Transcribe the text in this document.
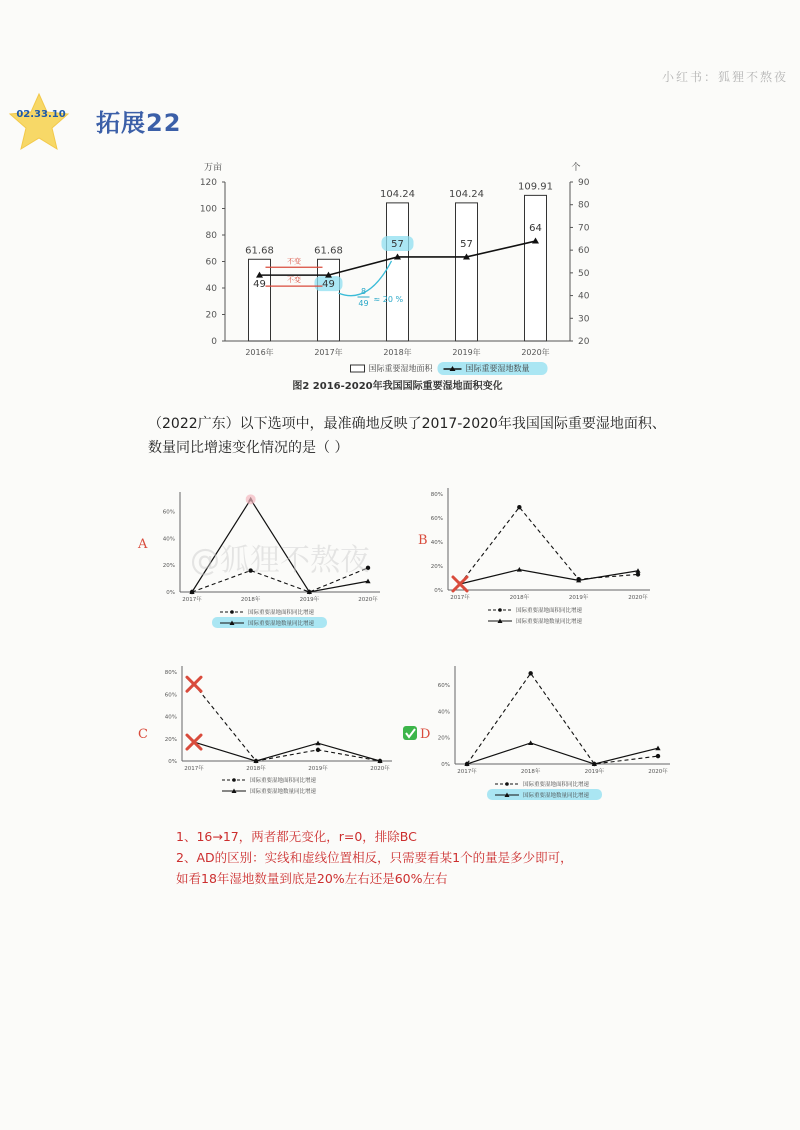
小红书：狐狸不熬夜
02.33.10 拓展22
万亩	个
0
20
40
60
80
100
120
20
30
40
50
60
70
80
90
61.68	61.68
104.24	104.24
109.91
2016年	2017年	2018年	2019年	2020年
49	49
57	57
64
不变
不变
8
49 ≈ 20 %
国际重要湿地面积	国际重要湿地数量
图2 2016-2020年我国国际重要湿地面积变化
（2022广东）以下选项中，最准确地反映了2017-2020年我国国际重要湿地面积、数量同比增速变化情况的是（ ）
A
0%
20%
40%
60%
2017年	2018年	2019年	2020年
国际重要湿地面积同比增速
国际重要湿地数量同比增速
@狐狸不熬夜
B
0%
20%
40%
60%
80%
2017年	2018年	2019年	2020年
国际重要湿地面积同比增速
国际重要湿地数量同比增速
C
0%
20%
40%
60%
80%
2017年	2018年	2019年	2020年
国际重要湿地面积同比增速
国际重要湿地数量同比增速
D
0%
20%
40%
60%
2017年	2018年	2019年	2020年
国际重要湿地面积同比增速
国际重要湿地数量同比增速
1、16→17，两者都无变化，r=0，排除BC
2、AD的区别：实线和虚线位置相反，只需要看某1个的量是多少即可，
如看18年湿地数量到底是20%左右还是60%左右
